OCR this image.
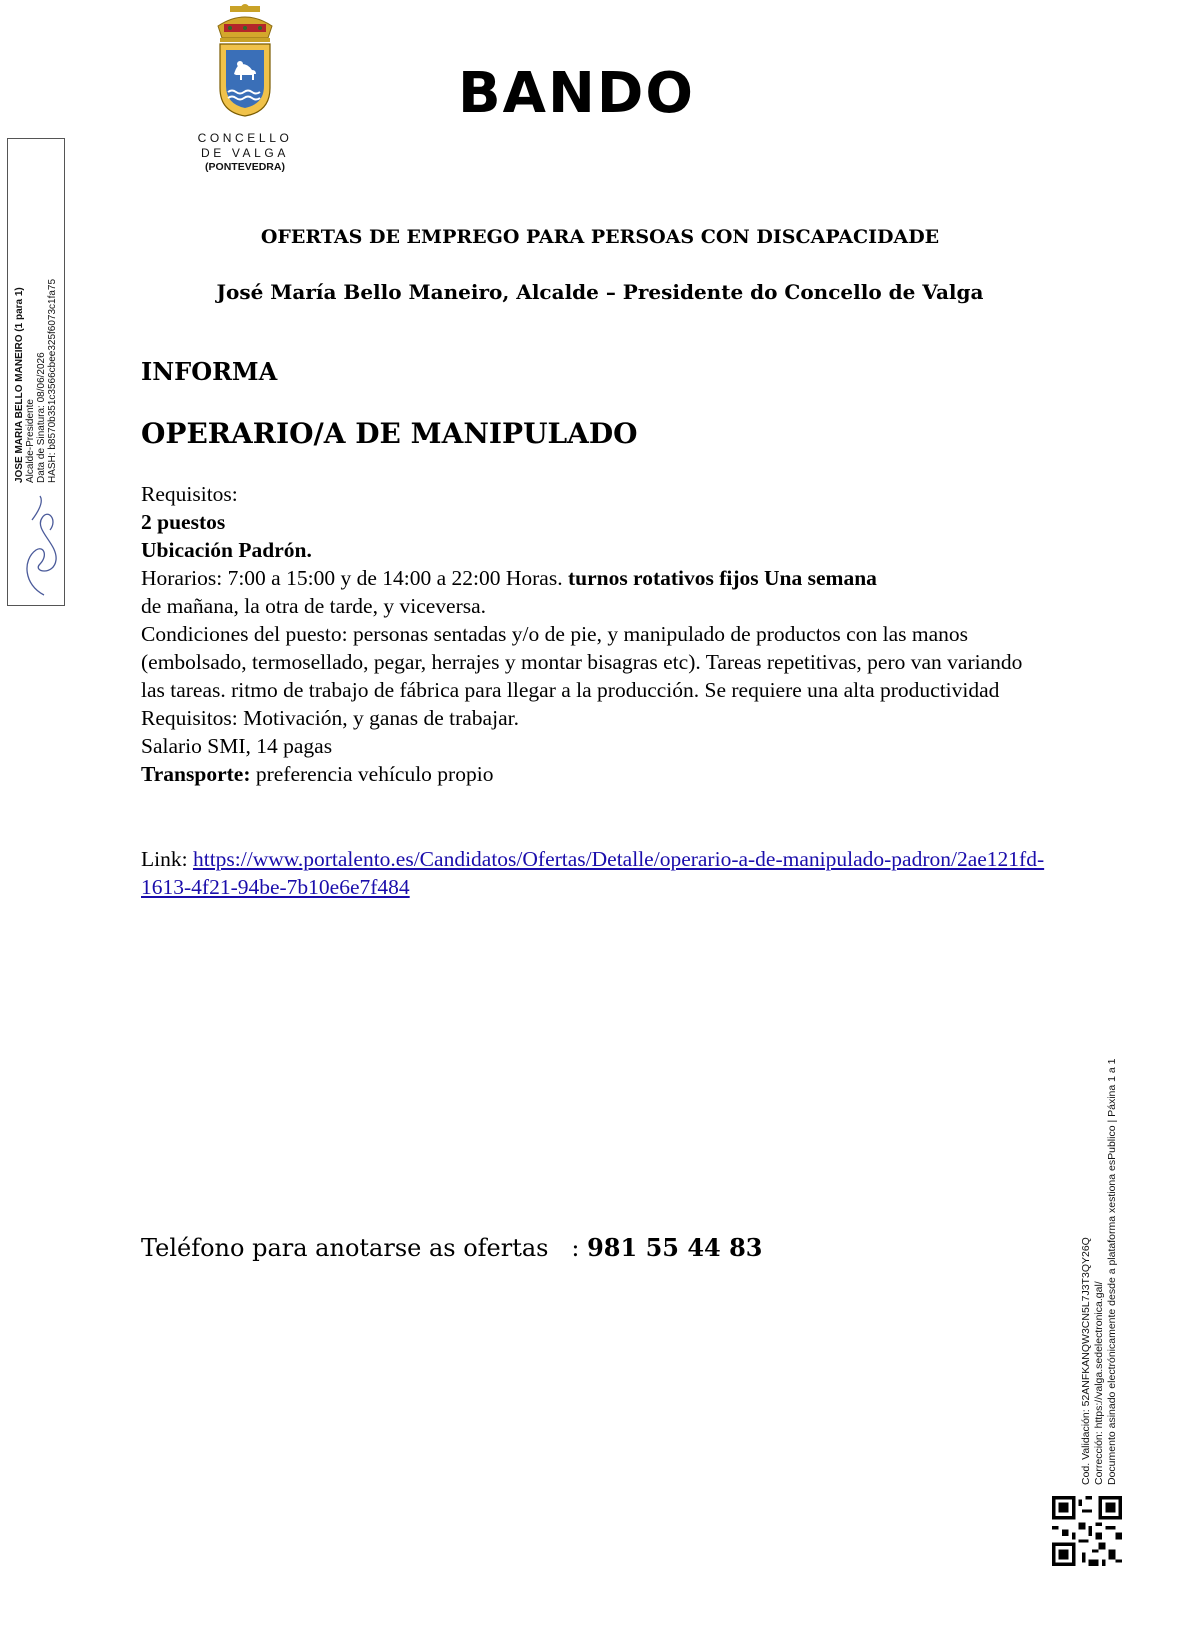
CONCELLO
DE VALGA
(PONTEVEDRA)
BANDO
OFERTAS DE EMPREGO PARA PERSOAS CON DISCAPACIDADE
José María Bello Maneiro, Alcalde – Presidente do Concello de Valga
INFORMA
OPERARIO/A DE MANIPULADO

Requisitos:

2 puestos

Ubicación Padrón.

Horarios: 7:00 a 15:00 y de 14:00 a 22:00 Horas. turnos rotativos fijos Una semana

de mañana, la otra de tarde, y viceversa.

Condiciones del puesto: personas sentadas y/o de pie, y manipulado de productos con las manos (embolsado, termosellado, pegar, herrajes y montar bisagras etc). Tareas repetitivas, pero van variando las tareas. ritmo de trabajo de fábrica para llegar a la producción. Se requiere una alta productividad

Requisitos: Motivación, y ganas de trabajar.

Salario SMI, 14 pagas

Transporte: preferencia vehículo propio

Link: https://www.portalento.es/Candidatos/Ofertas/Detalle/operario-a-de-manipulado-padron/2ae121fd-1613-4f21-94be-7b10e6e7f484
Teléfono para anotarse as ofertas   : 981 55 44 83
JOSE MARIA BELLO MANEIRO (1 para 1) Alcalde-Presidente Data de Sinatura: 08/06/2026 HASH: b8570b351c3566cbee325f6073c1fa75
Cod. Validación: 52ANFKANQW3CN5L7J3T3QY26Q Corrección: https://valga.sedelectronica.gal/ Documento asinado electrónicamente desde a plataforma xestiona esPublico | Páxina 1 a 1
